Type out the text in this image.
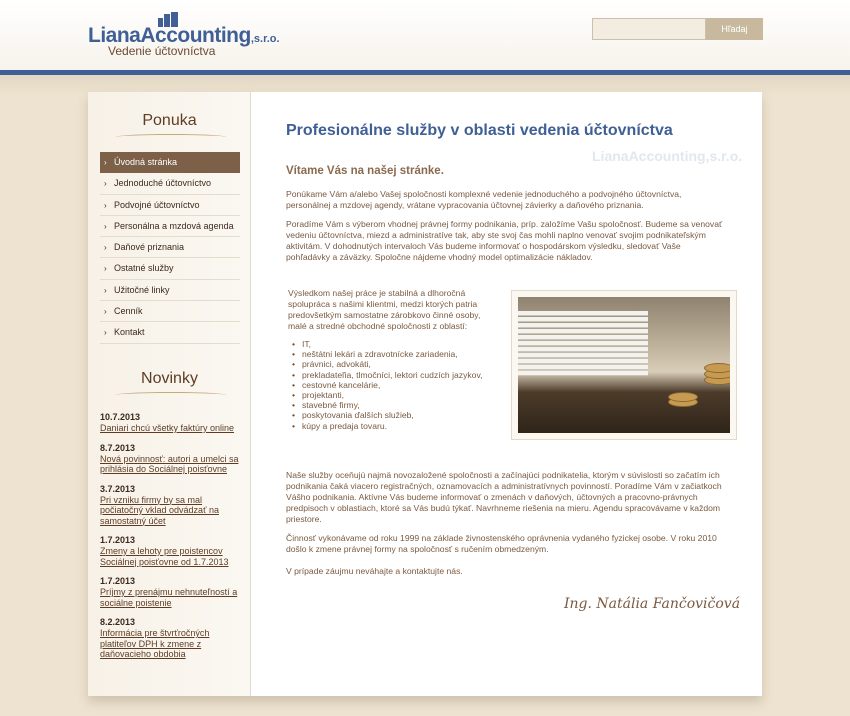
LianaAccounting,s.r.o.
Vedenie účtovníctva
Hľadaj
Ponuka
› Úvodná stránka
› Jednoduché účtovníctvo
› Podvojné účtovníctvo
› Personálna a mzdová agenda
› Daňové priznania
› Ostatné služby
› Užitočné linky
› Cenník
› Kontakt
Novinky
10.7.2013
Daniari chcú všetky faktúry online
8.7.2013
Nová povinnosť: autori a umelci sa prihlásia do Sociálnej poisťovne
3.7.2013
Pri vzniku firmy by sa mal počiatočný vklad odvádzať na samostatný účet
1.7.2013
Zmeny a lehoty pre poistencov Sociálnej poisťovne od 1.7.2013
1.7.2013
Príjmy z prenájmu nehnuteľností a sociálne poistenie
8.2.2013
Informácia pre štvrťročných platiteľov DPH k zmene z daňovacieho obdobia
Profesionálne služby v oblasti vedenia účtovníctva
LianaAccounting,s.r.o.
Vítame Vás na našej stránke.

Ponúkame Vám a/alebo Vašej spoločnosti komplexné vedenie jednoduchého a podvojného účtovníctva, personálnej a mzdovej agendy, vrátane vypracovania účtovnej závierky a daňového priznania.

Poradíme Vám s výberom vhodnej právnej formy podnikania, príp. založíme Vašu spoločnosť. Budeme sa venovať vedeniu účtovníctva, miezd a administratíve tak, aby ste svoj čas mohli naplno venovať svojim podnikateľským aktivitám. V dohodnutých intervaloch Vás budeme informovať o hospodárskom výsledku, sledovať Vaše pohľadávky a záväzky. Spoločne nájdeme vhodný model optimalizácie nákladov.

Výsledkom našej práce je stabilná a dlhoročná spolupráca s našimi klientmi, medzi ktorých patria predovšetkým samostatne zárobkovo činné osoby, malé a stredné obchodné spoločnosti z oblastí:

• IT,
• neštátni lekári a zdravotnícke zariadenia,
• právnici, advokáti,
• prekladateľia, tlmočníci, lektori cudzích jazykov,
• cestovné kancelárie,
• projektanti,
• stavebné firmy,
• poskytovania ďalších služieb,
• kúpy a predaja tovaru.

Naše služby oceňujú najmä novozaložené spoločnosti a začínajúci podnikatelia, ktorým v súvislosti so začatím ich podnikania čaká viacero registračných, oznamovacích a administratívnych povinností. Poradíme Vám v začiatkoch Vášho podnikania. Aktívne Vás budeme informovať o zmenách v daňových, účtovných a pracovno-právnych predpisoch v oblastiach, ktoré sa Vás budú týkať. Navrhneme riešenia na mieru. Agendu spracovávame v každom priestore.

Činnosť vykonávame od roku 1999 na základe živnostenského oprávnenia vydaného fyzickej osobe. V roku 2010 došlo k zmene právnej formy na spoločnosť s ručením obmedzeným.

V prípade záujmu neváhajte a kontaktujte nás.

Ing. Natália Fančovičová
